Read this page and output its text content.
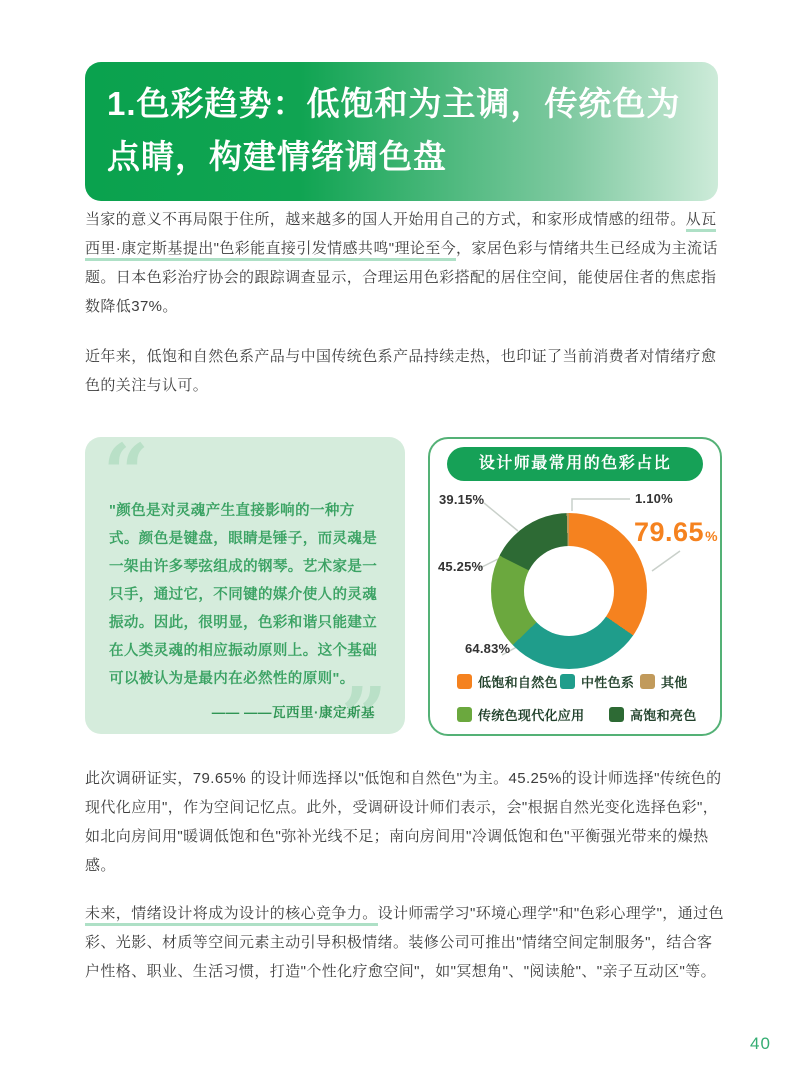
1.色彩趋势：低饱和为主调，传统色为点睛，构建情绪调色盘

当家的意义不再局限于住所，越来越多的国人开始用自己的方式，和家形成情感的纽带。从瓦西里·康定斯基提出"色彩能直接引发情感共鸣"理论至今，家居色彩与情绪共生已经成为主流话题。日本色彩治疗协会的跟踪调查显示，合理运用色彩搭配的居住空间，能使居住者的焦虑指数降低37%。

近年来，低饱和自然色系产品与中国传统色系产品持续走热，也印证了当前消费者对情绪疗愈色的关注与认可。

“

"颜色是对灵魂产生直接影响的一种方式。颜色是键盘，眼睛是锤子，而灵魂是一架由许多琴弦组成的钢琴。艺术家是一只手，通过它，不同键的媒介使人的灵魂振动。因此，很明显，色彩和谐只能建立在人类灵魂的相应振动原则上。这个基础可以被认为是最内在必然性的原则"。

—— ——瓦西里·康定斯基
”
设计师最常用的色彩占比
39.15%	1.10%
79.65%
45.25%
64.83%
低饱和自然色 中性色系 其他
传统色现代化应用	高饱和亮色

此次调研证实，79.65% 的设计师选择以"低饱和自然色"为主。45.25%的设计师选择"传统色的现代化应用"，作为空间记忆点。此外，受调研设计师们表示，会"根据自然光变化选择色彩"，如北向房间用"暖调低饱和色"弥补光线不足；南向房间用"冷调低饱和色"平衡强光带来的燥热感。

未来，情绪设计将成为设计的核心竞争力。设计师需学习"环境心理学"和"色彩心理学"，通过色彩、光影、材质等空间元素主动引导积极情绪。装修公司可推出"情绪空间定制服务"，结合客户性格、职业、生活习惯，打造"个性化疗愈空间"，如"冥想角"、"阅读舱"、"亲子互动区"等。

40
